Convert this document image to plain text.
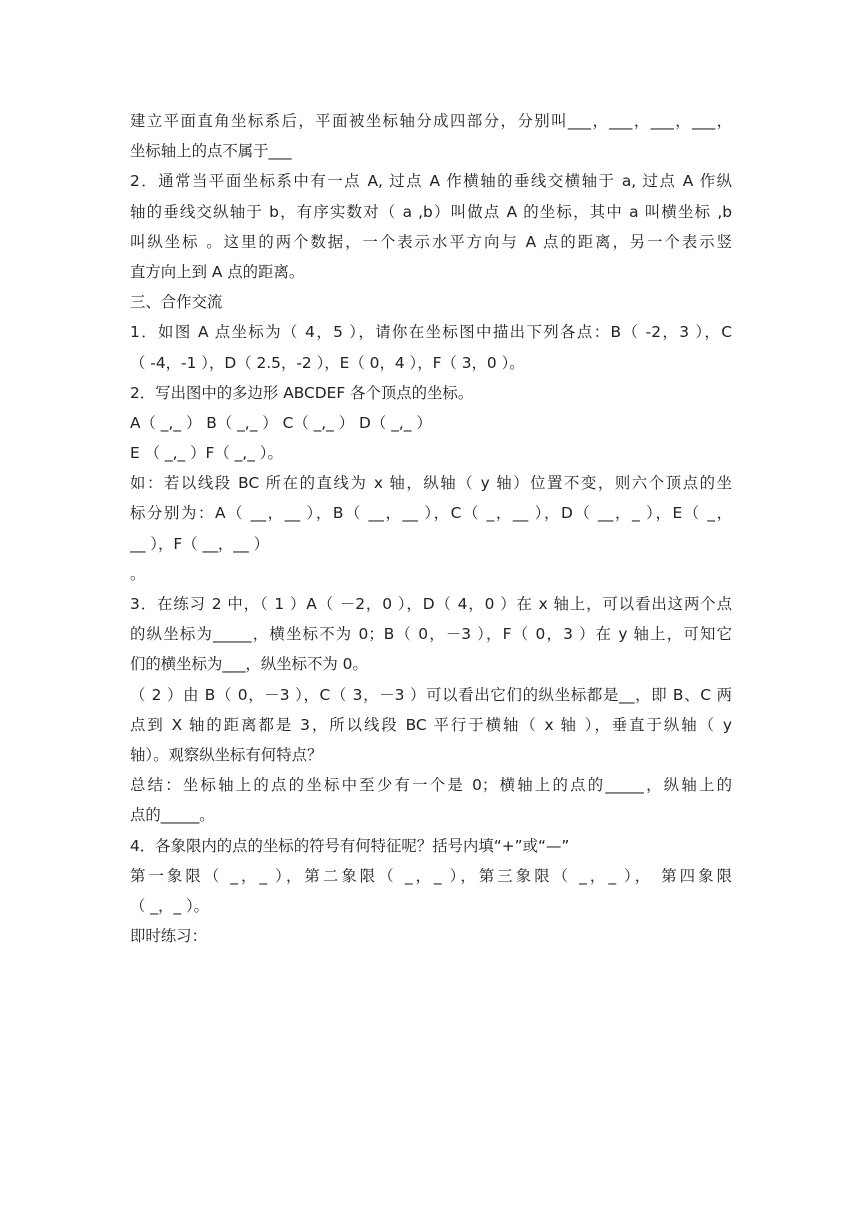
建立平面直角坐标系后，平面被坐标轴分成四部分，分别叫___，___，___，___，
坐标轴上的点不属于___
2．通常当平面坐标系中有一点 A, 过点 A 作横轴的垂线交横轴于 a, 过点 A 作纵
轴的垂线交纵轴于 b，有序实数对（ a ,b）叫做点 A 的坐标，其中 a 叫横坐标 ,b
叫纵坐标 。这里的两个数据，一个表示水平方向与 A 点的距离，另一个表示竖
直方向上到 A 点的距离。
三、合作交流
1．如图 A 点坐标为（ 4，5 ），请你在坐标图中描出下列各点：B（ -2，3 ），C
（ -4，-1 ），D（ 2.5，-2 ），E（ 0，4 ），F（ 3，0 ）。
2．写出图中的多边形 ABCDEF 各个顶点的坐标。
A（ _,_ ） B（ _,_ ） C（ _,_ ） D（ _,_ ）
E （ _,_ ）F（ _,_ ）。
如：若以线段 BC 所在的直线为 x 轴，纵轴（ y 轴）位置不变，则六个顶点的坐
标分别为：A（ __，__ ），B（ __，__ ），C（ _，__ ），D（ __，_ ），E（ _，
__ ），F（ __，__ ）
。
3．在练习 2 中，（ 1 ）A（ －2，0 ），D（ 4，0 ）在 x 轴上，可以看出这两个点
的纵坐标为_____，横坐标不为 0；B（ 0，－3 ），F（ 0，3 ）在 y 轴上，可知它
们的横坐标为___，纵坐标不为 0。
（ 2 ）由 B（ 0，－3 ），C（ 3，－3 ）可以看出它们的纵坐标都是__，即 B、C 两
点到 X 轴的距离都是 3，所以线段 BC 平行于横轴（ x 轴 ），垂直于纵轴（ y
轴）。观察纵坐标有何特点？
总结：坐标轴上的点的坐标中至少有一个是 0；横轴上的点的_____，纵轴上的
点的_____。
4．各象限内的点的坐标的符号有何特征呢？括号内填“+”或“—”
第一象限（ _，_ ），第二象限（ _，_ ），第三象限（ _，_ ）， 第四象限
（ _，_ ）。
即时练习：
